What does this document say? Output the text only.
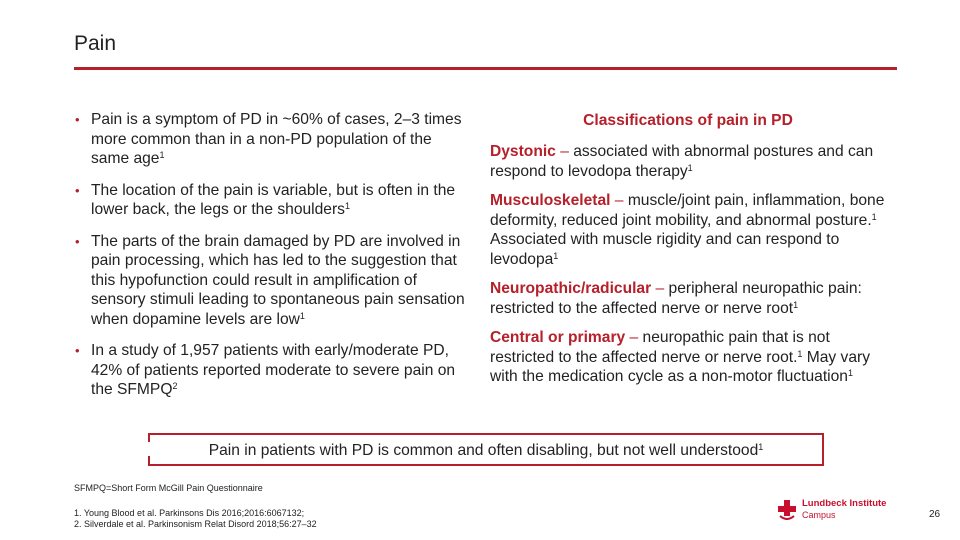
Pain
• Pain is a symptom of PD in ~60% of cases, 2–3 times more common than in a non-PD population of the same age$^1$
• The location of the pain is variable, but is often in the lower back, the legs or the shoulders$^1$
• The parts of the brain damaged by PD are involved in pain processing, which has led to the suggestion that this hypofunction could result in amplification of sensory stimuli leading to spontaneous pain sensation when dopamine levels are low$^1$
• In a study of 1,957 patients with early/moderate PD, 42% of patients reported moderate to severe pain on the SFMPQ$^2$
Classifications of pain in PD
Dystonic – associated with abnormal postures and can respond to levodopa therapy$^1$
Musculoskeletal – muscle/joint pain, inflammation, bone deformity, reduced joint mobility, and abnormal posture.$^1$ Associated with muscle rigidity and can respond to levodopa$^1$
Neuropathic/radicular – peripheral neuropathic pain: restricted to the affected nerve or nerve root$^1$
Central or primary – neuropathic pain that is not restricted to the affected nerve or nerve root.$^1$ May vary with the medication cycle as a non-motor fluctuation$^1$
Pain in patients with PD is common and often disabling, but not well understood$^1$
SFMPQ=Short Form McGill Pain Questionnaire
1. Young Blood et al. Parkinsons Dis 2016;2016:6067132;
2. Silverdale et al. Parkinsonism Relat Disord 2018;56:27–32
Lundbeck Institute
Campus	26
